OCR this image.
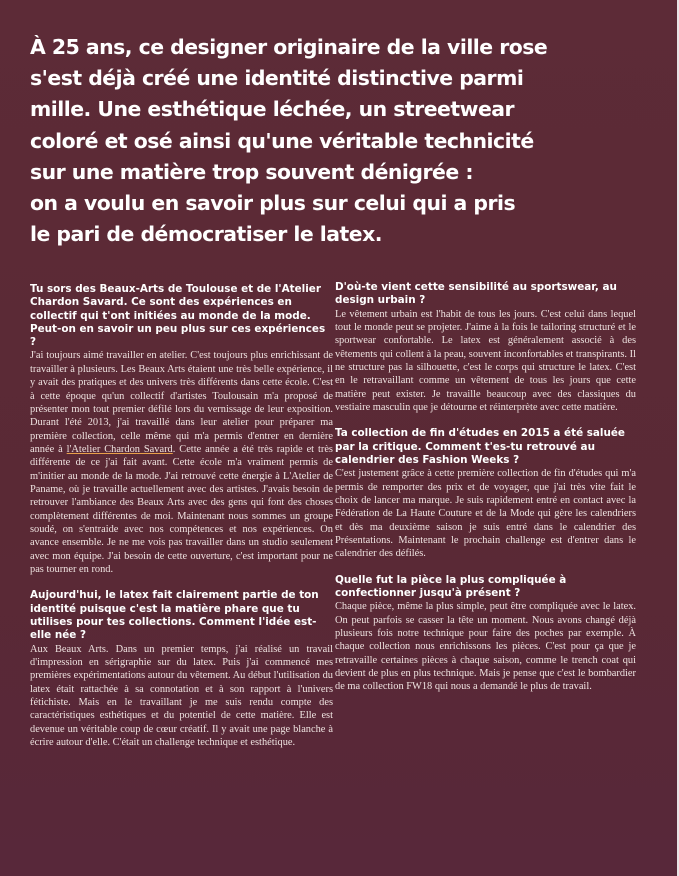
À 25 ans, ce designer originaire de la ville rose
s'est déjà créé une identité distinctive parmi
mille. Une esthétique léchée, un streetwear
coloré et osé ainsi qu'une véritable technicité
sur une matière trop souvent dénigrée :
on a voulu en savoir plus sur celui qui a pris
le pari de démocratiser le latex.

Tu sors des Beaux-Arts de Toulouse et de l'Atelier Chardon Savard. Ce sont des expériences en collectif qui t'ont initiées au monde de la mode. Peut-on en savoir un peu plus sur ces expériences ?

J'ai toujours aimé travailler en atelier. C'est toujours plus enrichissant de travailler à plusieurs. Les Beaux Arts étaient une très belle expérience, il y avait des pratiques et des univers très différents dans cette école. C'est à cette époque qu'un collectif d'artistes Toulousain m'a proposé de présenter mon tout premier défilé lors du vernissage de leur exposition. Durant l'été 2013, j'ai travaillé dans leur atelier pour préparer ma première collection, celle même qui m'a permis d'entrer en dernière année à l'Atelier Chardon Savard. Cette année a été très rapide et très différente de ce j'ai fait avant. Cette école m'a vraiment permis de m'initier au monde de la mode. J'ai retrouvé cette énergie à L'Atelier de Paname, où je travaille actuellement avec des artistes. J'avais besoin de retrouver l'ambiance des Beaux Arts avec des gens qui font des choses complètement différentes de moi. Maintenant nous sommes un groupe soudé, on s'entraide avec nos compétences et nos expériences. On avance ensemble. Je ne me vois pas travailler dans un studio seulement avec mon équipe. J'ai besoin de cette ouverture, c'est important pour ne pas tourner en rond.

Aujourd'hui, le latex fait clairement partie de ton identité puisque c'est la matière phare que tu utilises pour tes collections. Comment l'idée est-elle née ?

Aux Beaux Arts. Dans un premier temps, j'ai réalisé un travail d'impression en sérigraphie sur du latex. Puis j'ai commencé mes premières expérimentations autour du vêtement. Au début l'utilisation du latex était rattachée à sa connotation et à son rapport à l'univers fétichiste. Mais en le travaillant je me suis rendu compte des caractéristiques esthétiques et du potentiel de cette matière. Elle est devenue un véritable coup de cœur créatif. Il y avait une page blanche à écrire autour d'elle. C'était un challenge technique et esthétique.

D'où-te vient cette sensibilité au sportswear, au design urbain ?

Le vêtement urbain est l'habit de tous les jours. C'est celui dans lequel tout le monde peut se projeter. J'aime à la fois le tailoring structuré et le sportwear confortable. Le latex est généralement associé à des vêtements qui collent à la peau, souvent inconfortables et transpirants. Il ne structure pas la silhouette, c'est le corps qui structure le latex. C'est en le retravaillant comme un vêtement de tous les jours que cette matière peut exister. Je travaille beaucoup avec des classiques du vestiaire masculin que je détourne et réinterprète avec cette matière.

Ta collection de fin d'études en 2015 a été saluée par la critique. Comment t'es-tu retrouvé au calendrier des Fashion Weeks ?

C'est justement grâce à cette première collection de fin d'études qui m'a permis de remporter des prix et de voyager, que j'ai très vite fait le choix de lancer ma marque. Je suis rapidement entré en contact avec la Fédération de La Haute Couture et de la Mode qui gère les calendriers et dès ma deuxième saison je suis entré dans le calendrier des Présentations. Maintenant le prochain challenge est d'entrer dans le calendrier des défilés.

Quelle fut la pièce la plus compliquée à confectionner jusqu'à présent ?

Chaque pièce, même la plus simple, peut être compliquée avec le latex. On peut parfois se casser la tête un moment. Nous avons changé déjà plusieurs fois notre technique pour faire des poches par exemple. À chaque collection nous enrichissons les pièces. C'est pour ça que je retravaille certaines pièces à chaque saison, comme le trench coat qui devient de plus en plus technique. Mais je pense que c'est le bombardier de ma collection FW18 qui nous a demandé le plus de travail.
